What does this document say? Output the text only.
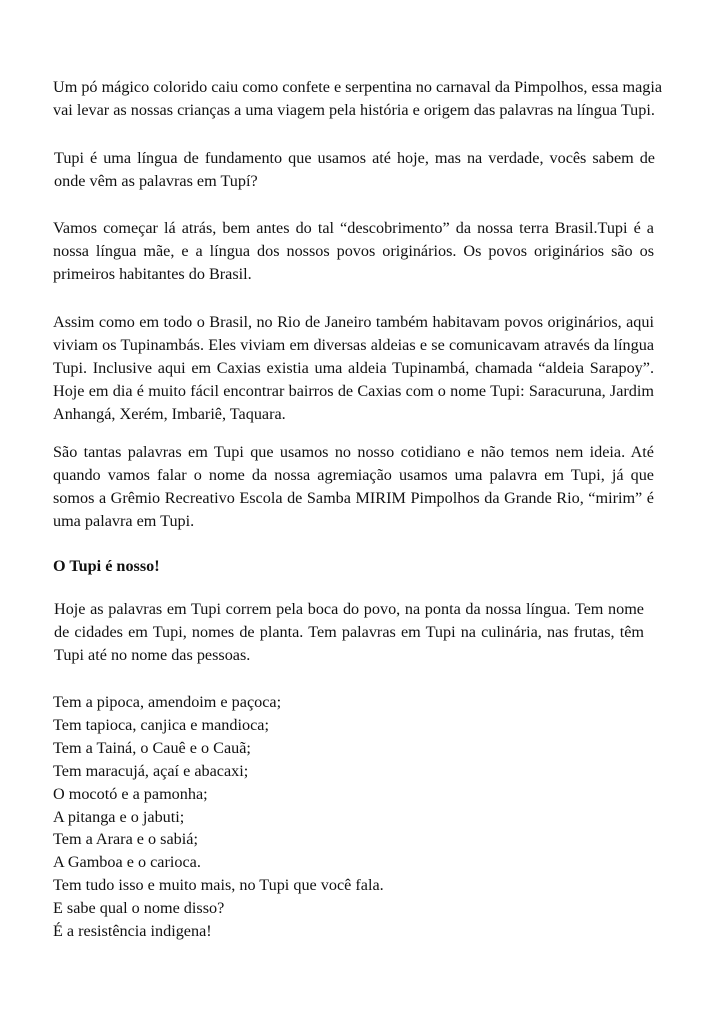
Um pó mágico colorido caiu como confete e serpentina no carnaval da Pimpolhos, essa magia vai levar as nossas crianças a uma viagem pela história e origem das palavras na língua Tupi.

Tupi é uma língua de fundamento que usamos até hoje, mas na verdade, vocês sabem de onde vêm as palavras em Tupí?

Vamos começar lá atrás, bem antes do tal “descobrimento” da nossa terra Brasil.Tupi é a nossa língua mãe, e a língua dos nossos povos originários. Os povos originários são os primeiros habitantes do Brasil.

Assim como em todo o Brasil, no Rio de Janeiro também habitavam povos originários, aqui viviam os Tupinambás. Eles viviam em diversas aldeias e se comunicavam através da língua Tupi. Inclusive aqui em Caxias existia uma aldeia Tupinambá, chamada “aldeia Sarapoy”. Hoje em dia é muito fácil encontrar bairros de Caxias com o nome Tupi: Saracuruna, Jardim Anhangá, Xerém, Imbariê, Taquara.

São tantas palavras em Tupi que usamos no nosso cotidiano e não temos nem ideia. Até quando vamos falar o nome da nossa agremiação usamos uma palavra em Tupi, já que somos a Grêmio Recreativo Escola de Samba MIRIM Pimpolhos da Grande Rio, “mirim” é uma palavra em Tupi.

O Tupi é nosso!

Hoje as palavras em Tupi correm pela boca do povo, na ponta da nossa língua. Tem nome de cidades em Tupi, nomes de planta. Tem palavras em Tupi na culinária, nas frutas, têm Tupi até no nome das pessoas.

Tem a pipoca, amendoim e paçoca;
Tem tapioca, canjica e mandioca;
Tem a Tainá, o Cauê e o Cauã;
Tem maracujá, açaí e abacaxi;
O mocotó e a pamonha;
A pitanga e o jabuti;
Tem a Arara e o sabiá;
A Gamboa e o carioca.
Tem tudo isso e muito mais, no Tupi que você fala.
E sabe qual o nome disso?
É a resistência indigena!
